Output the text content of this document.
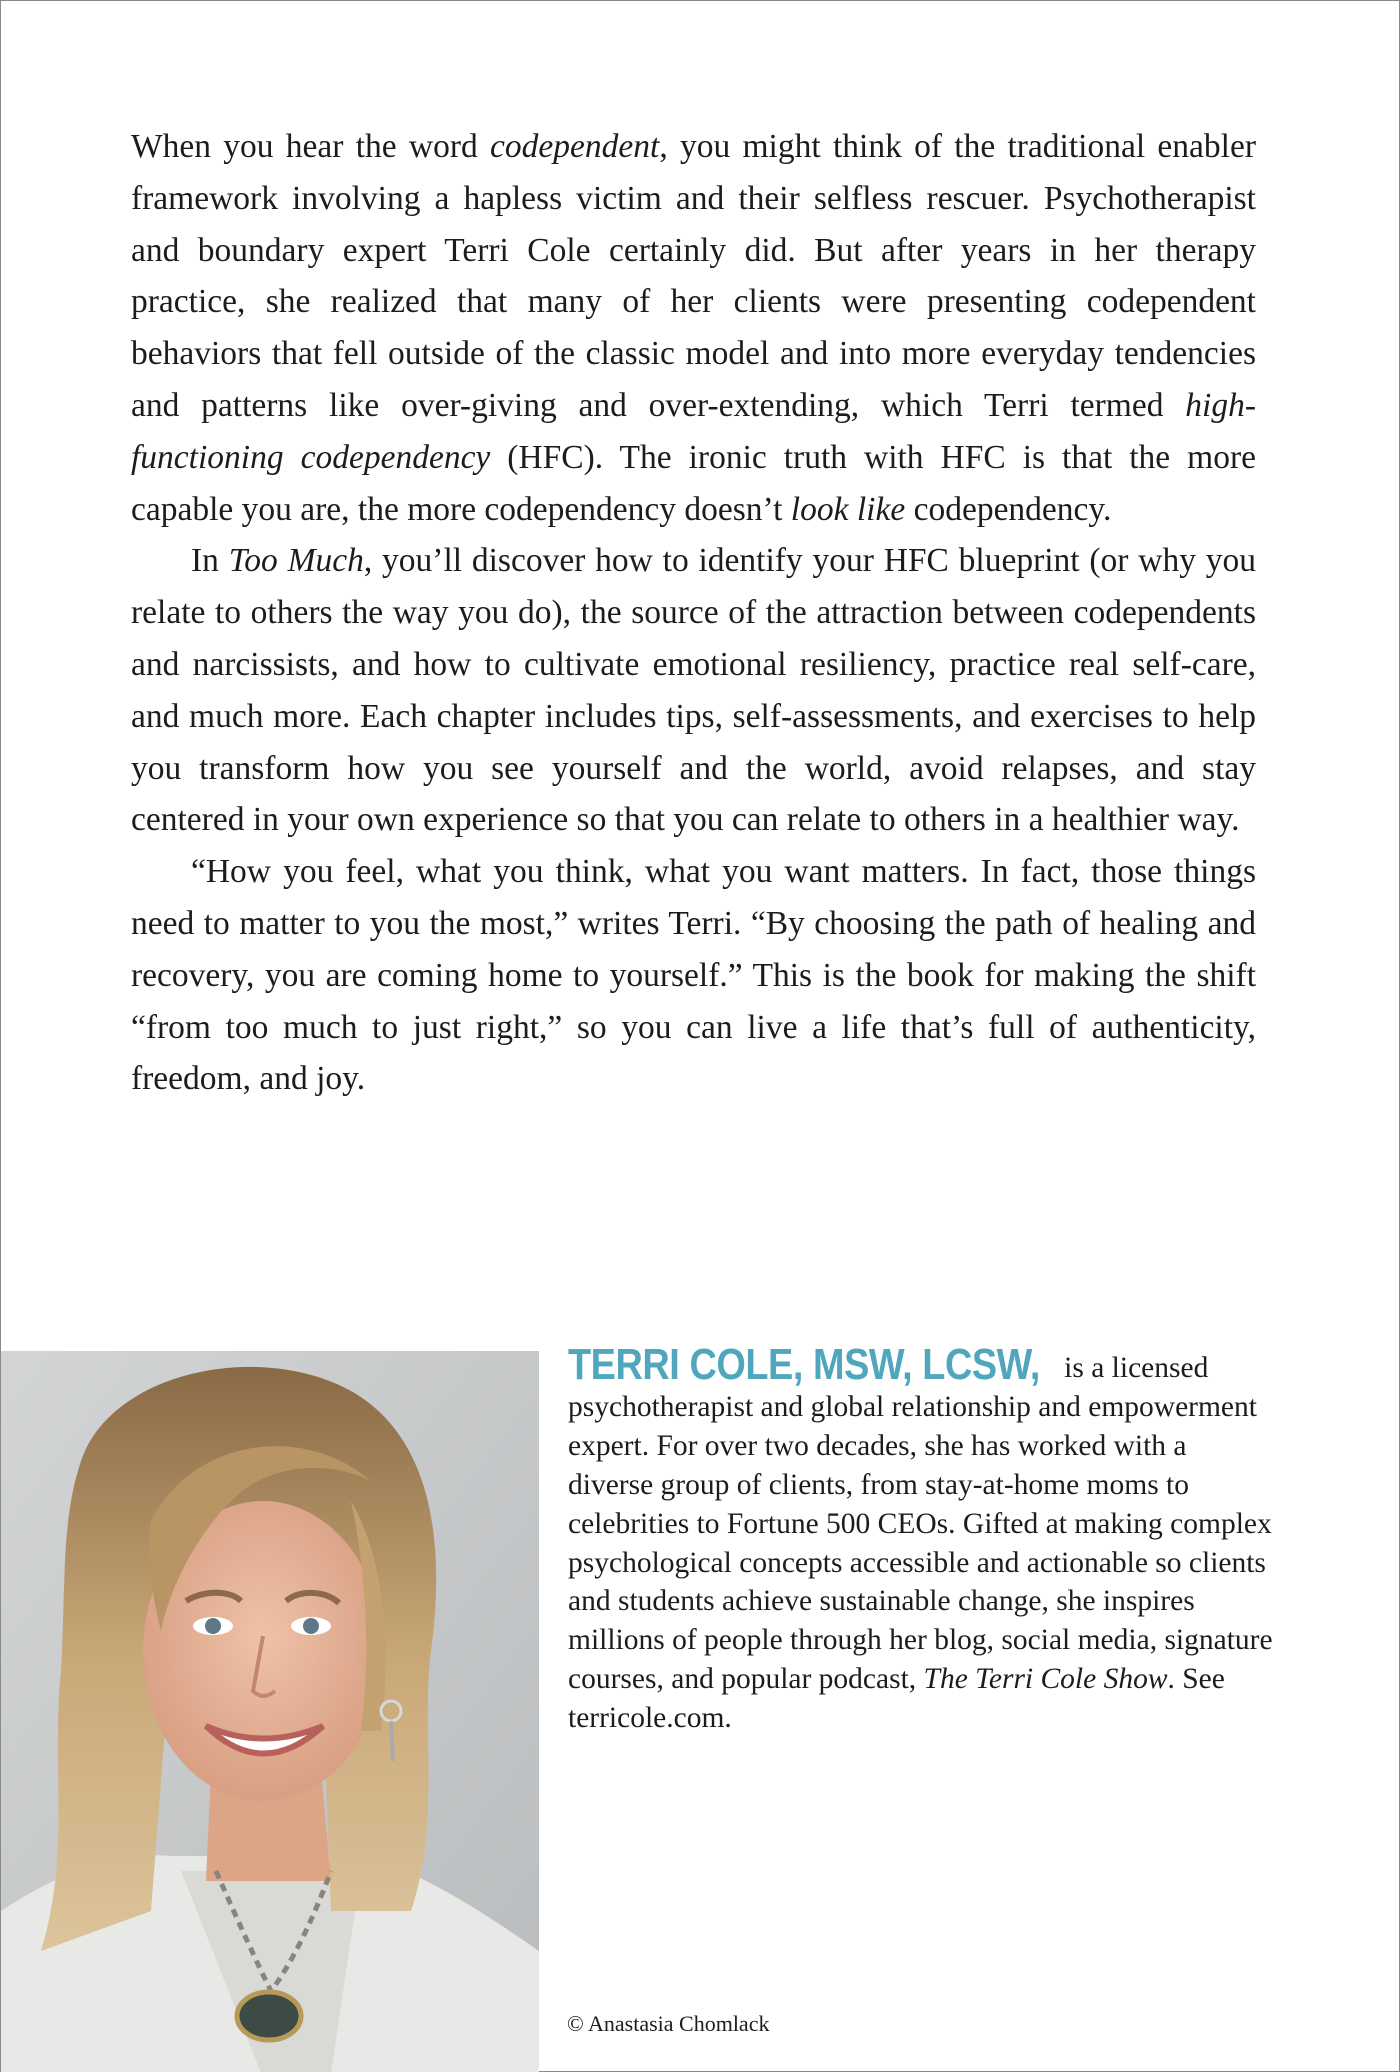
When you hear the word codependent, you might think of the traditional enabler framework involving a hapless victim and their selfless rescuer. Psychotherapist and boundary expert Terri Cole certainly did. But after years in her therapy practice, she realized that many of her clients were presenting codependent behaviors that fell outside of the classic model and into more everyday tendencies and patterns like over-giving and over-extending, which Terri termed high-functioning codependency (HFC). The ironic truth with HFC is that the more capable you are, the more codependency doesn’t look like codependency.

In Too Much, you’ll discover how to identify your HFC blueprint (or why you relate to others the way you do), the source of the attraction between codependents and narcissists, and how to cultivate emotional resiliency, practice real self-care, and much more. Each chapter includes tips, self-assessments, and exercises to help you transform how you see yourself and the world, avoid relapses, and stay centered in your own experience so that you can relate to others in a healthier way.

“How you feel, what you think, what you want matters. In fact, those things need to matter to you the most,” writes Terri. “By choosing the path of healing and recovery, you are coming home to yourself.” This is the book for making the shift “from too much to just right,” so you can live a life that’s full of authenticity, freedom, and joy.

TERRI COLE, MSW, LCSW, is a licensed psychotherapist and global relationship and empowerment expert. For over two decades, she has worked with a diverse group of clients, from stay-at-home moms to celebrities to Fortune 500 CEOs. Gifted at making complex psychological concepts accessible and actionable so clients and students achieve sustainable change, she inspires millions of people through her blog, social media, signature courses, and popular podcast, The Terri Cole Show. See terricole.com.
© Anastasia Chomlack
